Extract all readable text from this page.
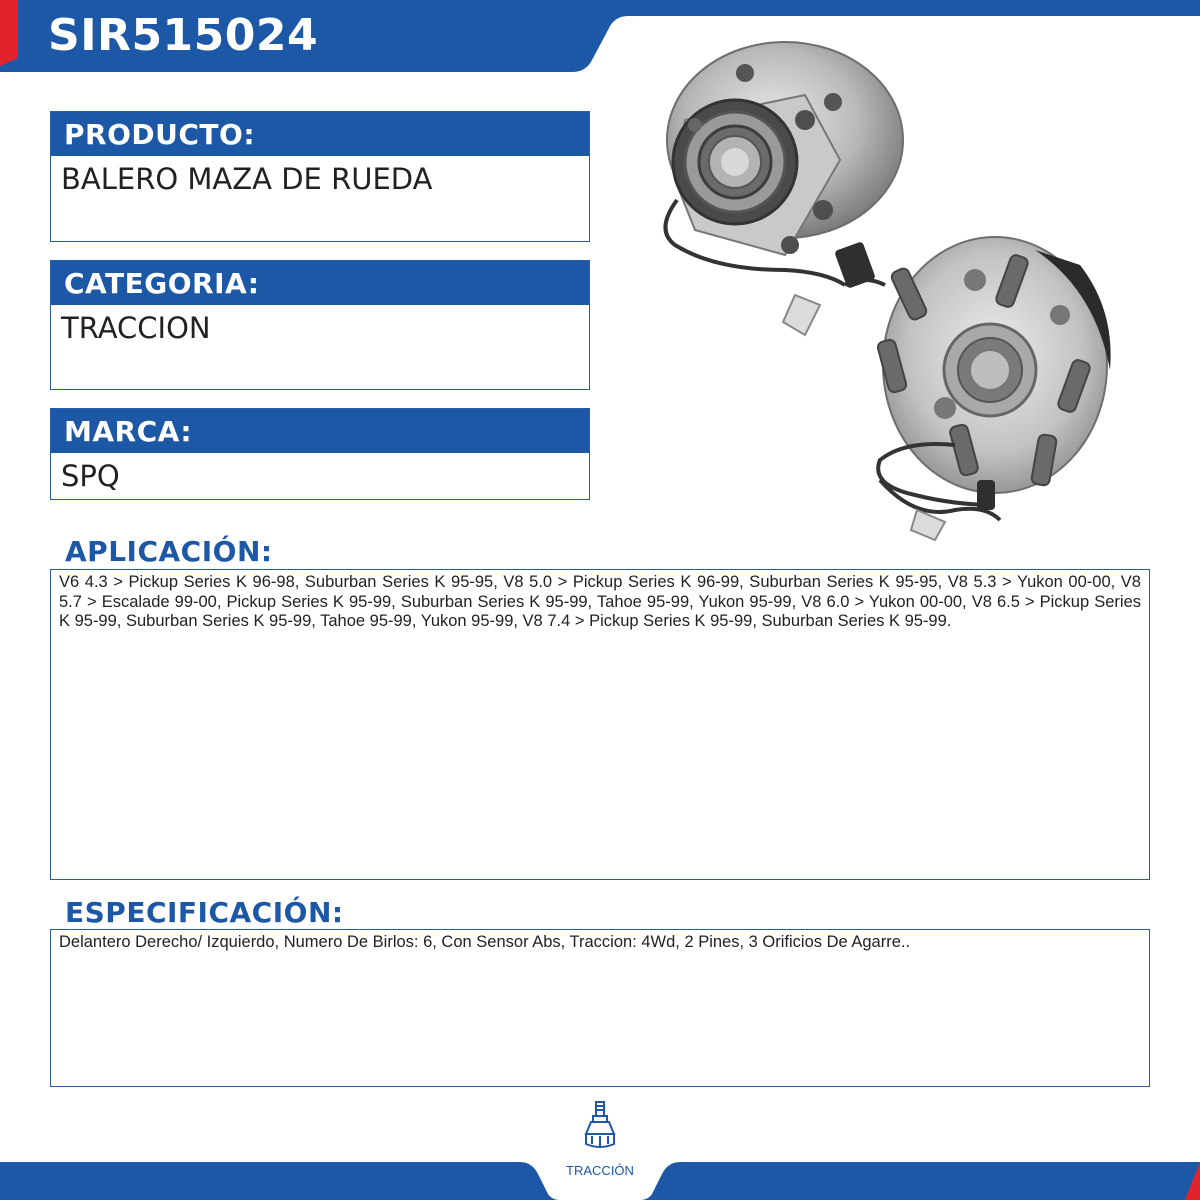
SIR515024
PRODUCTO:
BALERO MAZA DE RUEDA
CATEGORIA:
TRACCION
MARCA:
SPQ
APLICACIÓN:
V6 4.3 > Pickup Series K 96-98, Suburban Series K 95-95, V8 5.0 > Pickup Series K 96-99, Suburban Series K 95-95, V8 5.3 > Yukon 00-00, V8 5.7 > Escalade 99-00, Pickup Series K 95-99, Suburban Series K 95-99, Tahoe 95-99, Yukon 95-99, V8 6.0 > Yukon 00-00, V8 6.5 > Pickup Series K 95-99, Suburban Series K 95-99, Tahoe 95-99, Yukon 95-99, V8 7.4 > Pickup Series K 95-99, Suburban Series K 95-99.
ESPECIFICACIÓN:
Delantero Derecho/ Izquierdo, Numero De Birlos: 6, Con Sensor Abs, Traccion: 4Wd, 2 Pines, 3 Orificios De Agarre..
TRACCIÓN
